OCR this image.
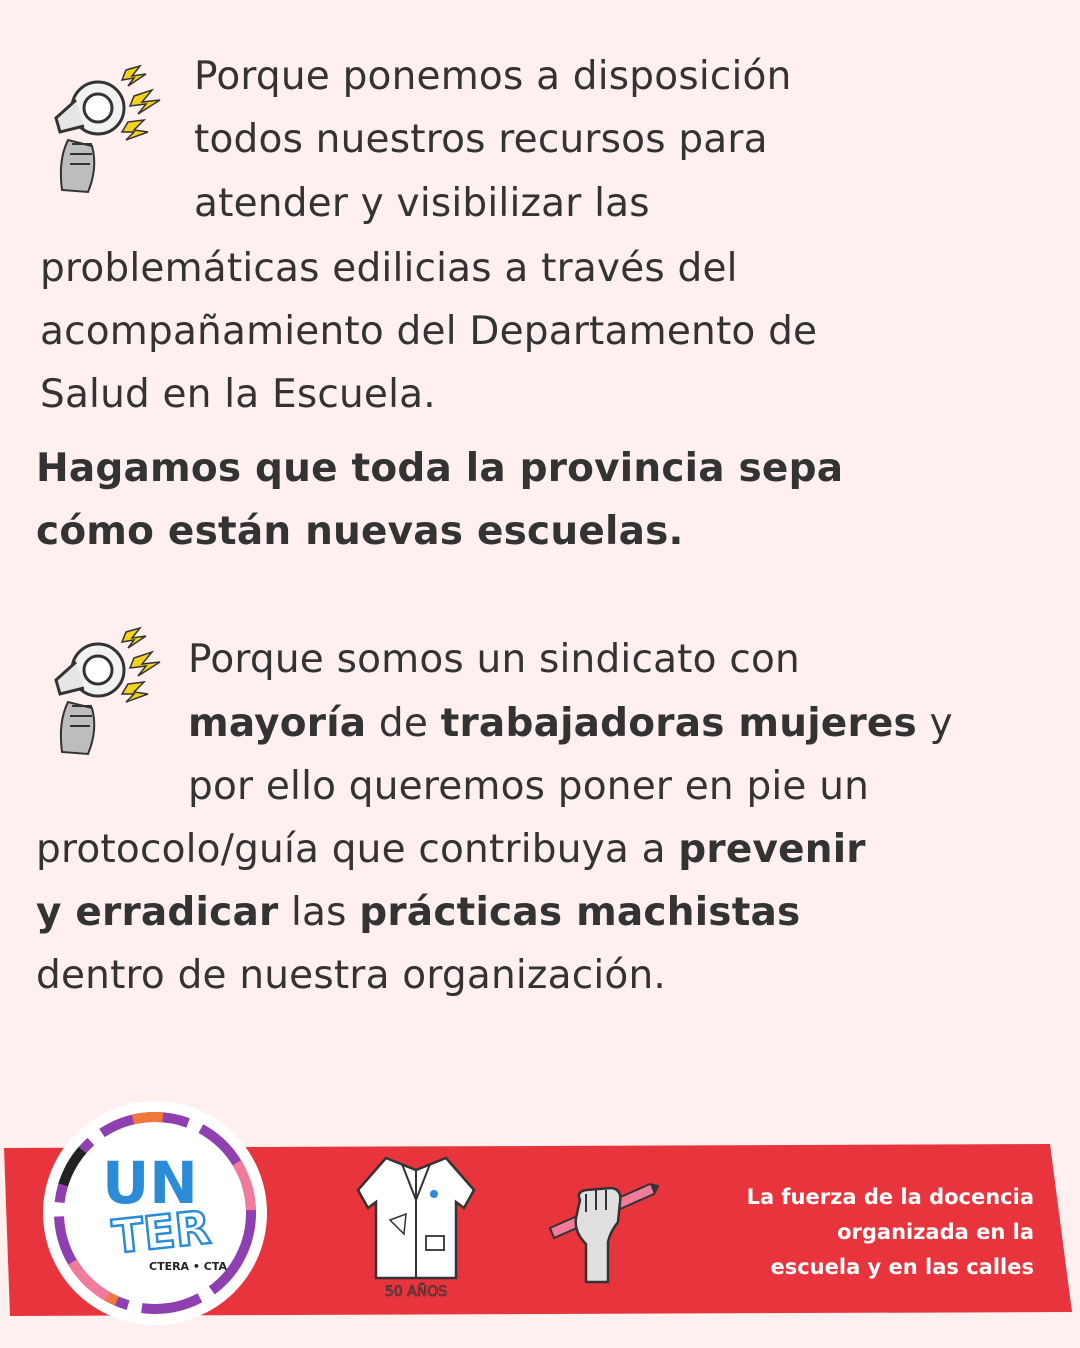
Porque ponemos a disposición
todos nuestros recursos para
atender y visibilizar las
problemáticas edilicias a través del
acompañamiento del Departamento de
Salud en la Escuela.
Hagamos que toda la provincia sepa
cómo están nuevas escuelas.
Porque somos un sindicato con
mayoría de trabajadoras mujeres y
por ello queremos poner en pie un
protocolo/guía que contribuya a prevenir
y erradicar las prácticas machistas
dentro de nuestra organización.
UN
TER
CTERA • CTA
50 AÑOS
La fuerza de la docencia
organizada en la
escuela y en las calles
